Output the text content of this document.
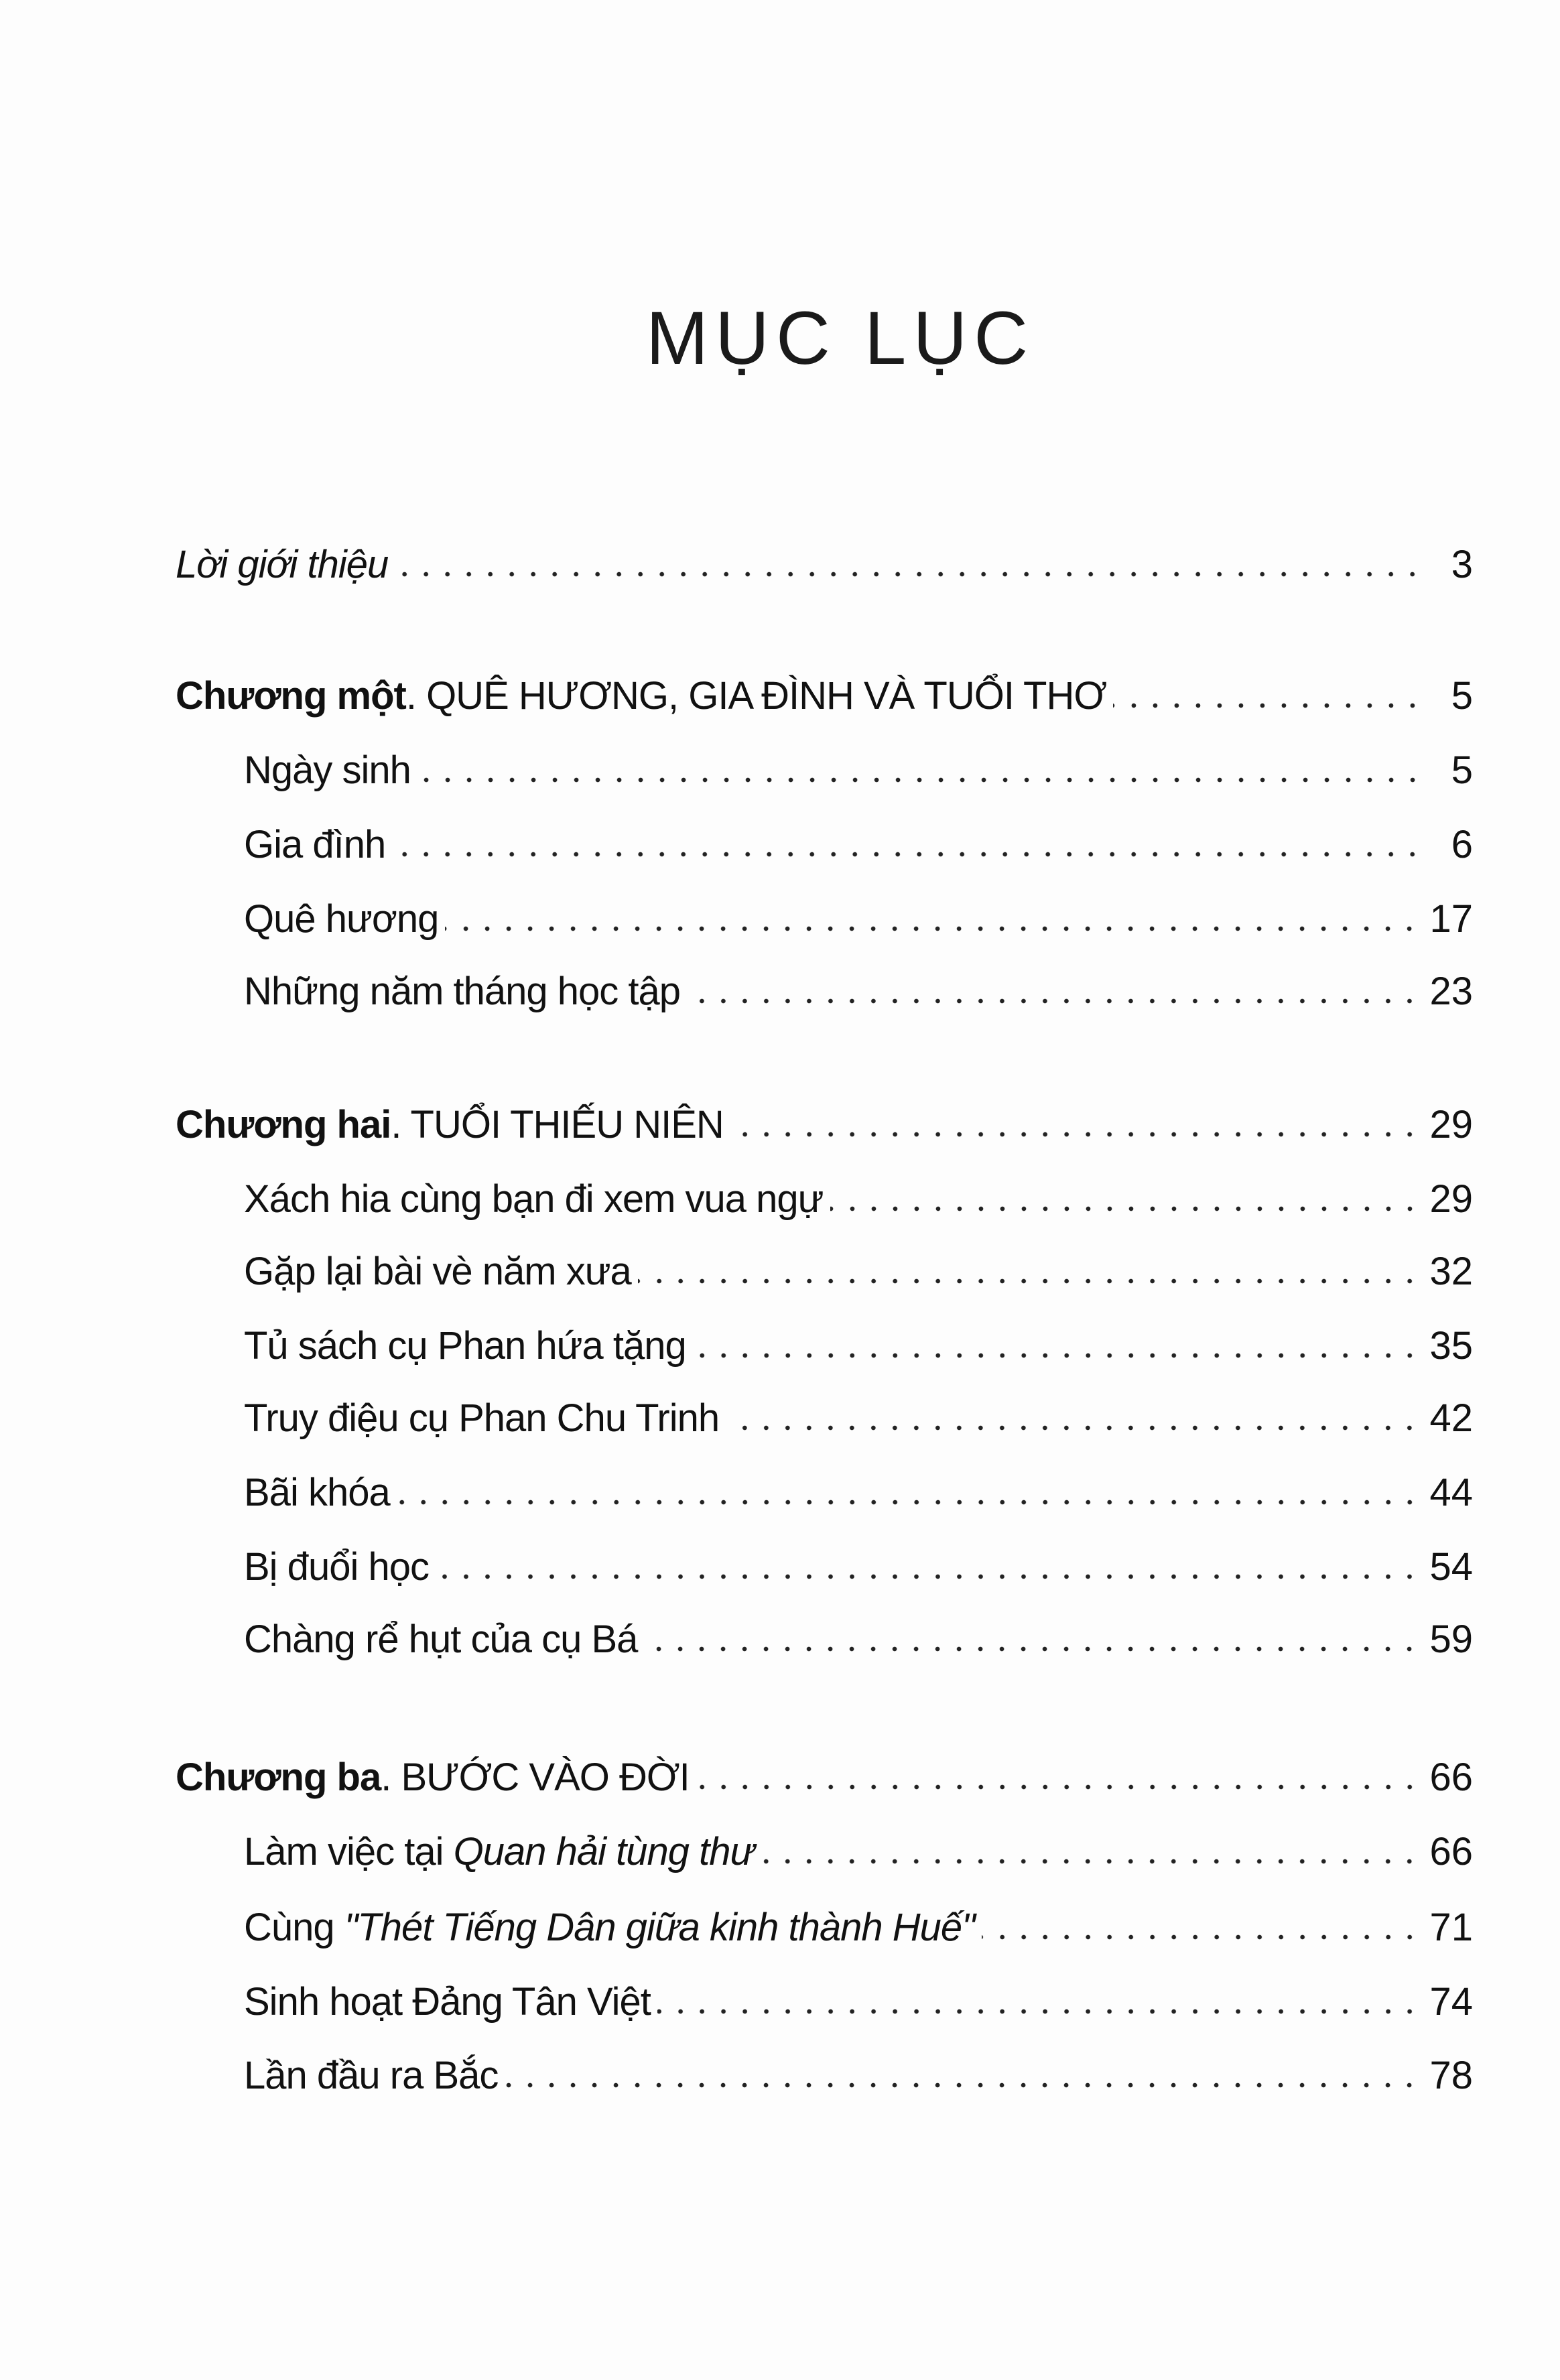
MỤC LỤC
Lời giới thiệu	3
Chương một. QUÊ HƯƠNG, GIA ĐÌNH VÀ TUỔI THƠ	5
Ngày sinh	5
Gia đình	6
Quê hương	17
Những năm tháng học tập	23
Chương hai. TUỔI THIẾU NIÊN	29
Xách hia cùng bạn đi xem vua ngự	29
Gặp lại bài vè năm xưa	32
Tủ sách cụ Phan hứa tặng	35
Truy điệu cụ Phan Chu Trinh	42
Bãi khóa	44
Bị đuổi học	54
Chàng rể hụt của cụ Bá	59
Chương ba. BƯỚC VÀO ĐỜI	66
Làm việc tại Quan hải tùng thư	66
Cùng "Thét Tiếng Dân giữa kinh thành Huế"	71
Sinh hoạt Đảng Tân Việt	74
Lần đầu ra Bắc	78
